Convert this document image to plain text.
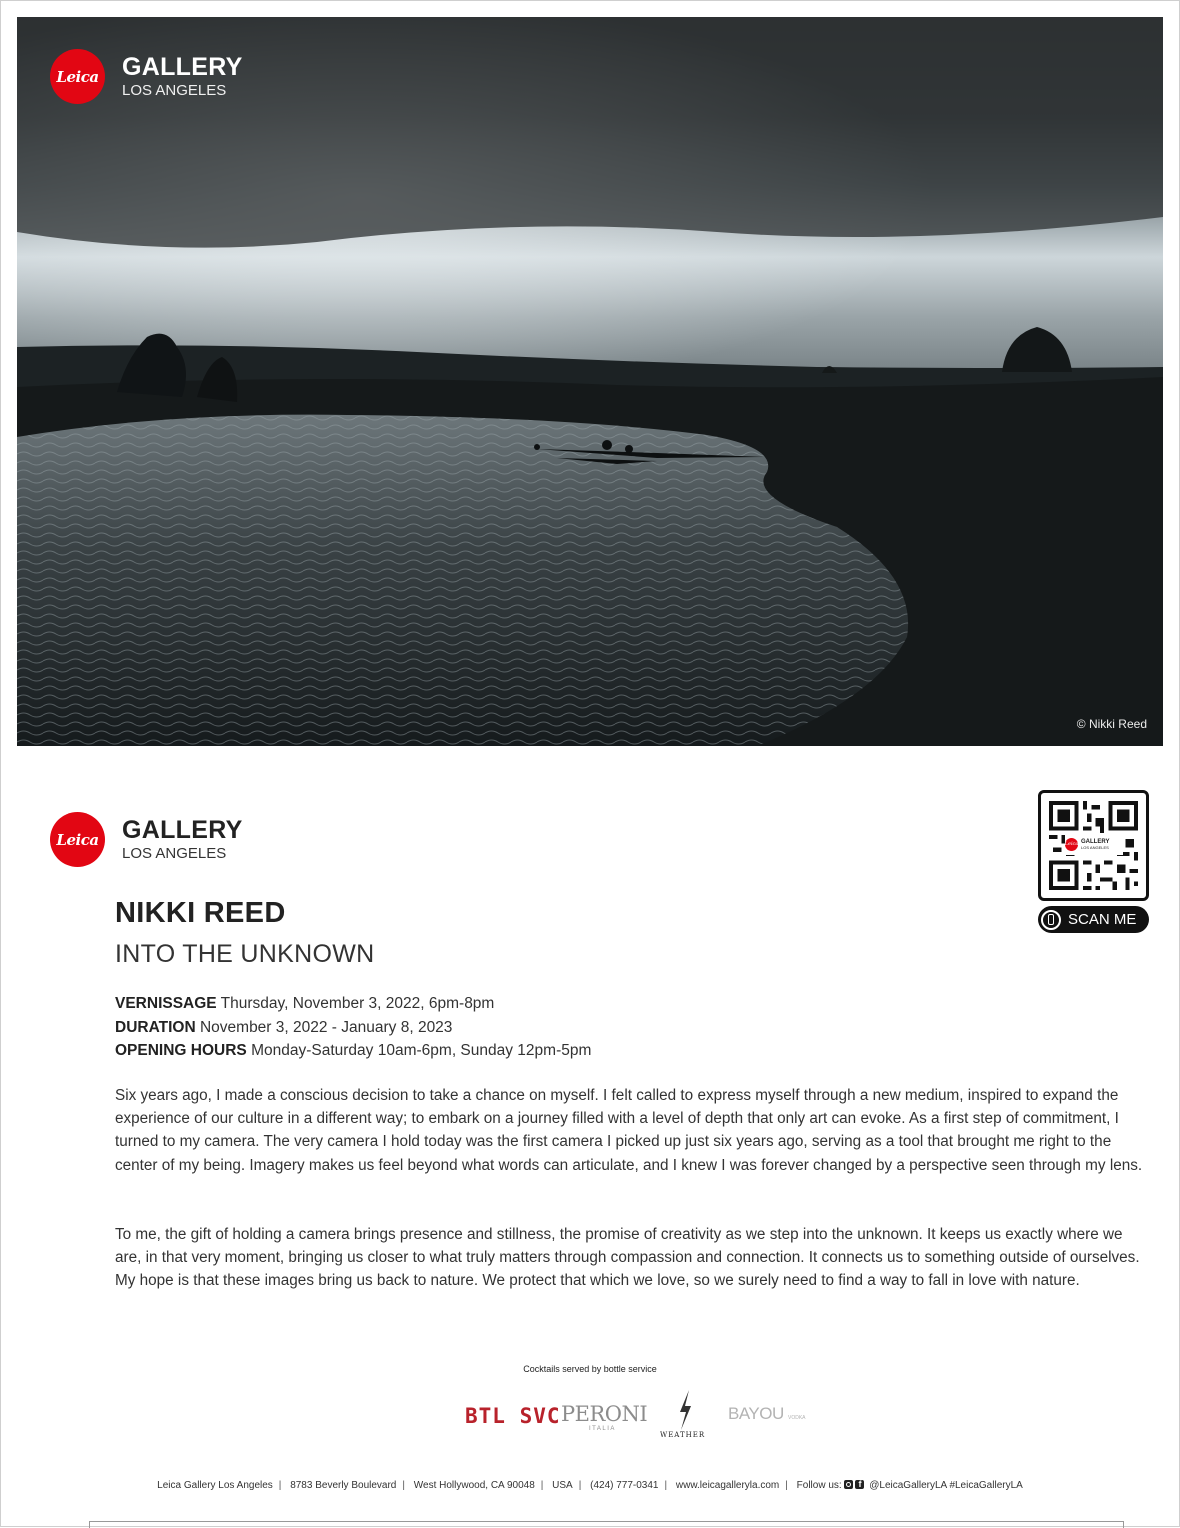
Leica GALLERY
LOS ANGELES
© Nikki Reed
Leica GALLERY
LOS ANGELES
Leica GALLERY
LOS ANGELES
SCAN ME
NIKKI REED
INTO THE UNKNOWN
VERNISSAGE Thursday, November 3, 2022, 6pm-8pm
DURATION November 3, 2022 - January 8, 2023
OPENING HOURS Monday-Saturday 10am-6pm, Sunday 12pm-5pm

Six years ago, I made a conscious decision to take a chance on myself. I felt called to express myself through a new medium, inspired to expand the experience of our culture in a different way; to embark on a journey filled with a level of depth that only art can evoke. As a first step of commitment, I turned to my camera. The very camera I hold today was the first camera I picked up just six years ago, serving as a tool that brought me right to the center of my being. Imagery makes us feel beyond what words can articulate, and I knew I was forever changed by a perspective seen through my lens.

To me, the gift of holding a camera brings presence and stillness, the promise of creativity as we step into the unknown. It keeps us exactly where we are, in that very moment, bringing us closer to what truly matters through compassion and connection. It connects us to something outside of ourselves. My hope is that these images bring us back to nature. We protect that which we love, so we surely need to find a way to fall in love with nature.

Cocktails served by bottle service
BTL SVC PERONI
ITALIA
WEATHER
BAYOU VODKA
Leica Gallery Los Angeles | 8783 Beverly Boulevard | West Hollywood, CA 90048 | USA | (424) 777-0341 | www.leicagalleryla.com | Follow us: f	@LeicaGalleryLA #LeicaGalleryLA
